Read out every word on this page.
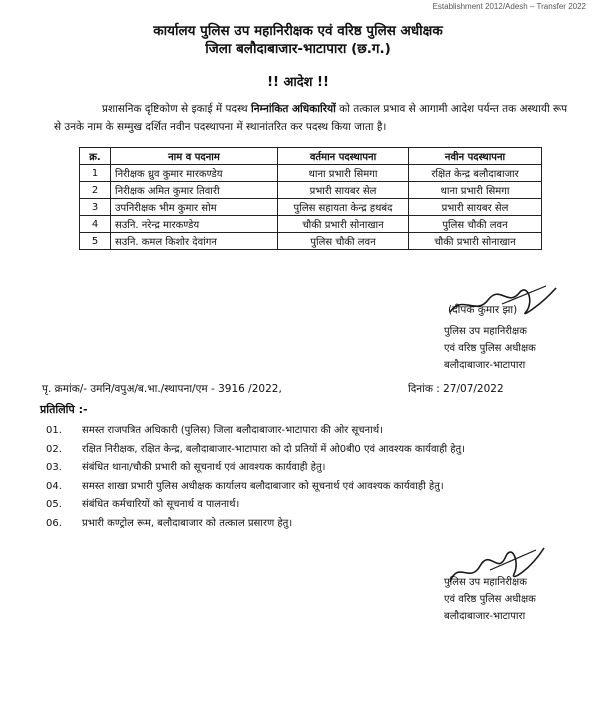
Establishment 2012/Adesh – Transfer 2022
कार्यालय पुलिस उप महानिरीक्षक एवं वरिष्ठ पुलिस अधीक्षक
जिला बलौदाबाजार-भाटापारा (छ.ग.)
!! आदेश !!
प्रशासनिक दृष्टिकोण से इकाई में पदस्थ निम्नांकित अधिकारियों को तत्काल प्रभाव से आगामी आदेश पर्यन्त तक अस्थायी रूप से उनके नाम के सम्मुख दर्शित नवीन पदस्थापना में स्थानांतरित कर पदस्थ किया जाता है।
क्र.	नाम व पदनाम	वर्तमान पदस्थापना	नवीन पदस्थापना
1	निरीक्षक ध्रुव कुमार मारकण्डेय	थाना प्रभारी सिमगा	रक्षित केन्द्र बलौदाबाजार
2	निरीक्षक अमित कुमार तिवारी	प्रभारी सायबर सेल	थाना प्रभारी सिमगा
3	उपनिरीक्षक भीम कुमार सोम	पुलिस सहायता केन्द्र हथबंद	प्रभारी सायबर सेल
4	सउनि. नरेन्द्र मारकण्डेय	चौकी प्रभारी सोनाखान	पुलिस चौकी लवन
5	सउनि. कमल किशोर देवांगन	पुलिस चौकी लवन	चौकी प्रभारी सोनाखान
(दीपक कुमार झा)
पुलिस उप महानिरीक्षक
एवं वरिष्ठ पुलिस अधीक्षक
बलौदाबाजार-भाटापारा
पृ. क्रमांक/- उमनि/वपुअ/ब.भा./स्थापना/एम - 3916 /2022,	दिनांक : 27/07/2022
प्रतिलिपि :-
01. समस्त राजपत्रित अधिकारी (पुलिस) जिला बलौदाबाजार-भाटापारा की ओर सूचनार्थ।
02. रक्षित निरीक्षक, रक्षित केन्द्र, बलौदाबाजार-भाटापारा को दो प्रतियों में ओ0बी0 एवं आवश्यक कार्यवाही हेतु।
03. संबंधित थाना/चौकी प्रभारी को सूचनार्थ एवं आवश्यक कार्यवाही हेतु।
04. समस्त शाखा प्रभारी पुलिस अधीक्षक कार्यालय बलौदाबाजार को सूचनार्थ एवं आवश्यक कार्यवाही हेतु।
05. संबंधित कर्मचारियों को सूचनार्थ व पालनार्थ।
06. प्रभारी कण्ट्रोल रूम, बलौदाबाजार को तत्काल प्रसारण हेतु।
पुलिस उप महानिरीक्षक
एवं वरिष्ठ पुलिस अधीक्षक
बलौदाबाजार-भाटापारा
